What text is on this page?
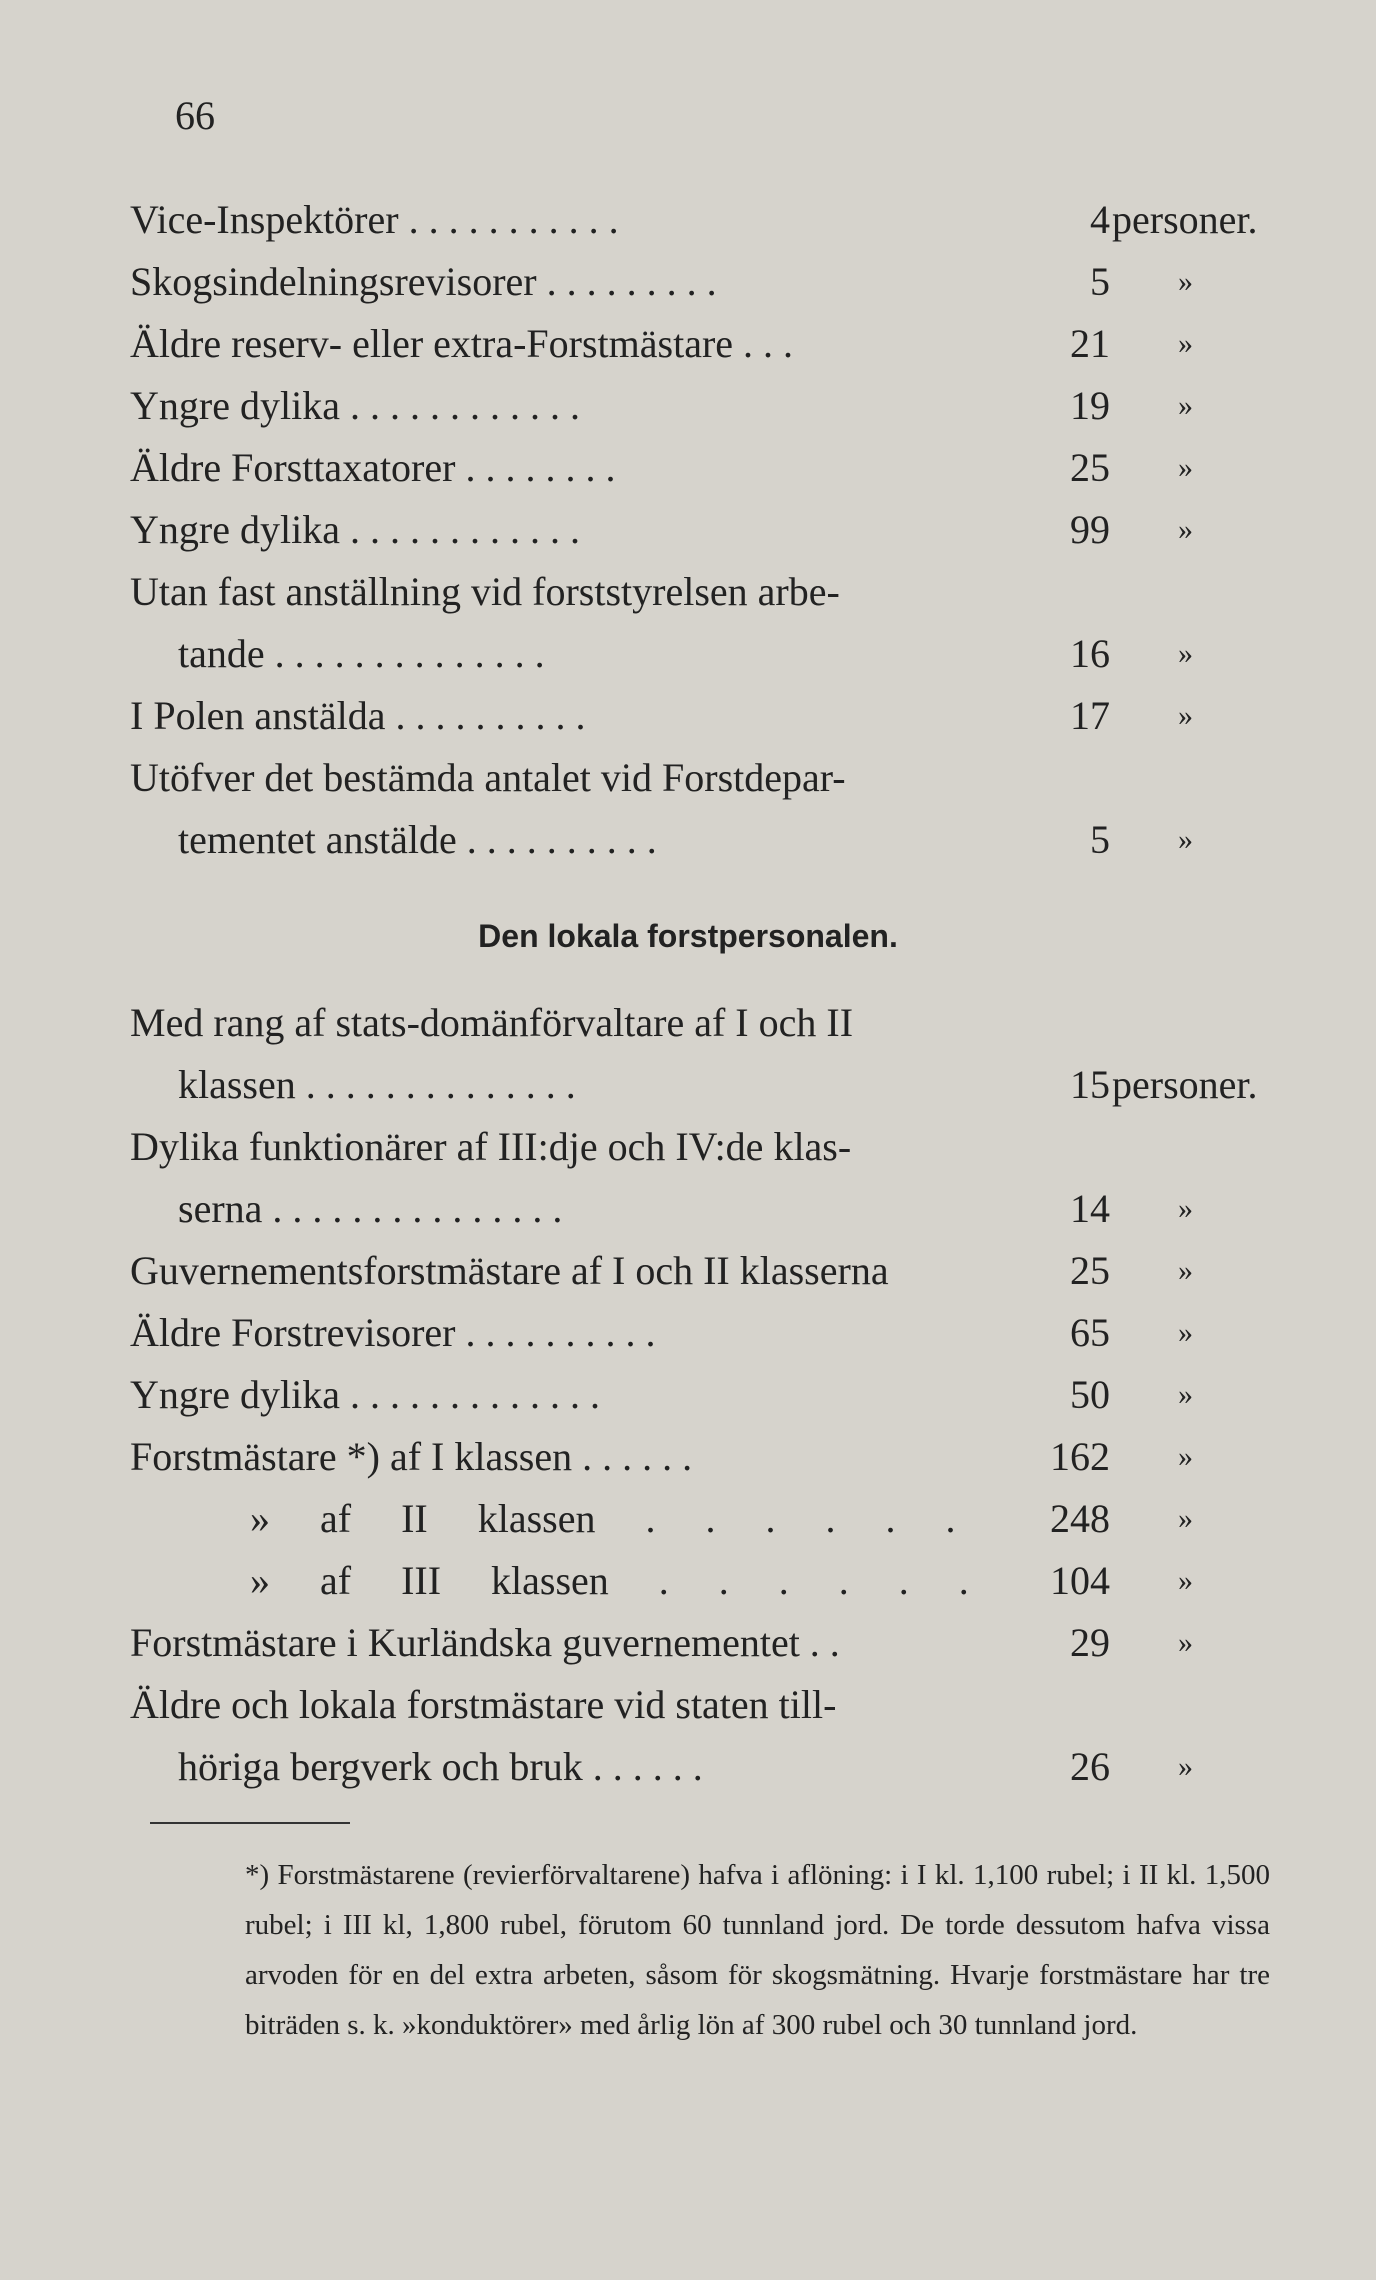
66
Vice-Inspektörer . . . . . . . . . . .	4 personer.
Skogsindelningsrevisorer . . . . . . . . .	5 »
Äldre reserv- eller extra-Forstmästare . . .	21 »
Yngre dylika . . . . . . . . . . . .	19 »
Äldre Forsttaxatorer . . . . . . . .	25 »
Yngre dylika . . . . . . . . . . . .	99 »
Utan fast anställning vid forststyrelsen arbe-
tande . . . . . . . . . . . . . .	16 »
I Polen anstälda . . . . . . . . . .	17 »
Utöfver det bestämda antalet vid Forstdepar-
tementet anstälde . . . . . . . . . .	5 »
Den lokala forstpersonalen.
Med rang af stats-domänförvaltare af I och II
klassen . . . . . . . . . . . . . .	15 personer.
Dylika funktionärer af III:dje och IV:de klas-
serna . . . . . . . . . . . . . . .	14 »
Guvernementsforstmästare af I och II klasserna	25 »
Äldre Forstrevisorer . . . . . . . . . .	65 »
Yngre dylika . . . . . . . . . . . . .	50 »
Forstmästare *) af I klassen . . . . . .	162 »
» af II klassen . . . . . .	248 »
» af III klassen . . . . . .	104 »
Forstmästare i Kurländska guvernementet . .	29 »
Äldre och lokala forstmästare vid staten till-
höriga bergverk och bruk . . . . . .	26 »

*) Forstmästarene (revierförvaltarene) hafva i aflöning: i I kl. 1,100 rubel; i II kl. 1,500 rubel; i III kl, 1,800 rubel, förutom 60 tunnland jord. De torde dessutom hafva vissa arvoden för en del extra arbeten, såsom för skogsmätning. Hvarje forstmästare har tre biträden s. k. »konduktörer» med årlig lön af 300 rubel och 30 tunnland jord.
